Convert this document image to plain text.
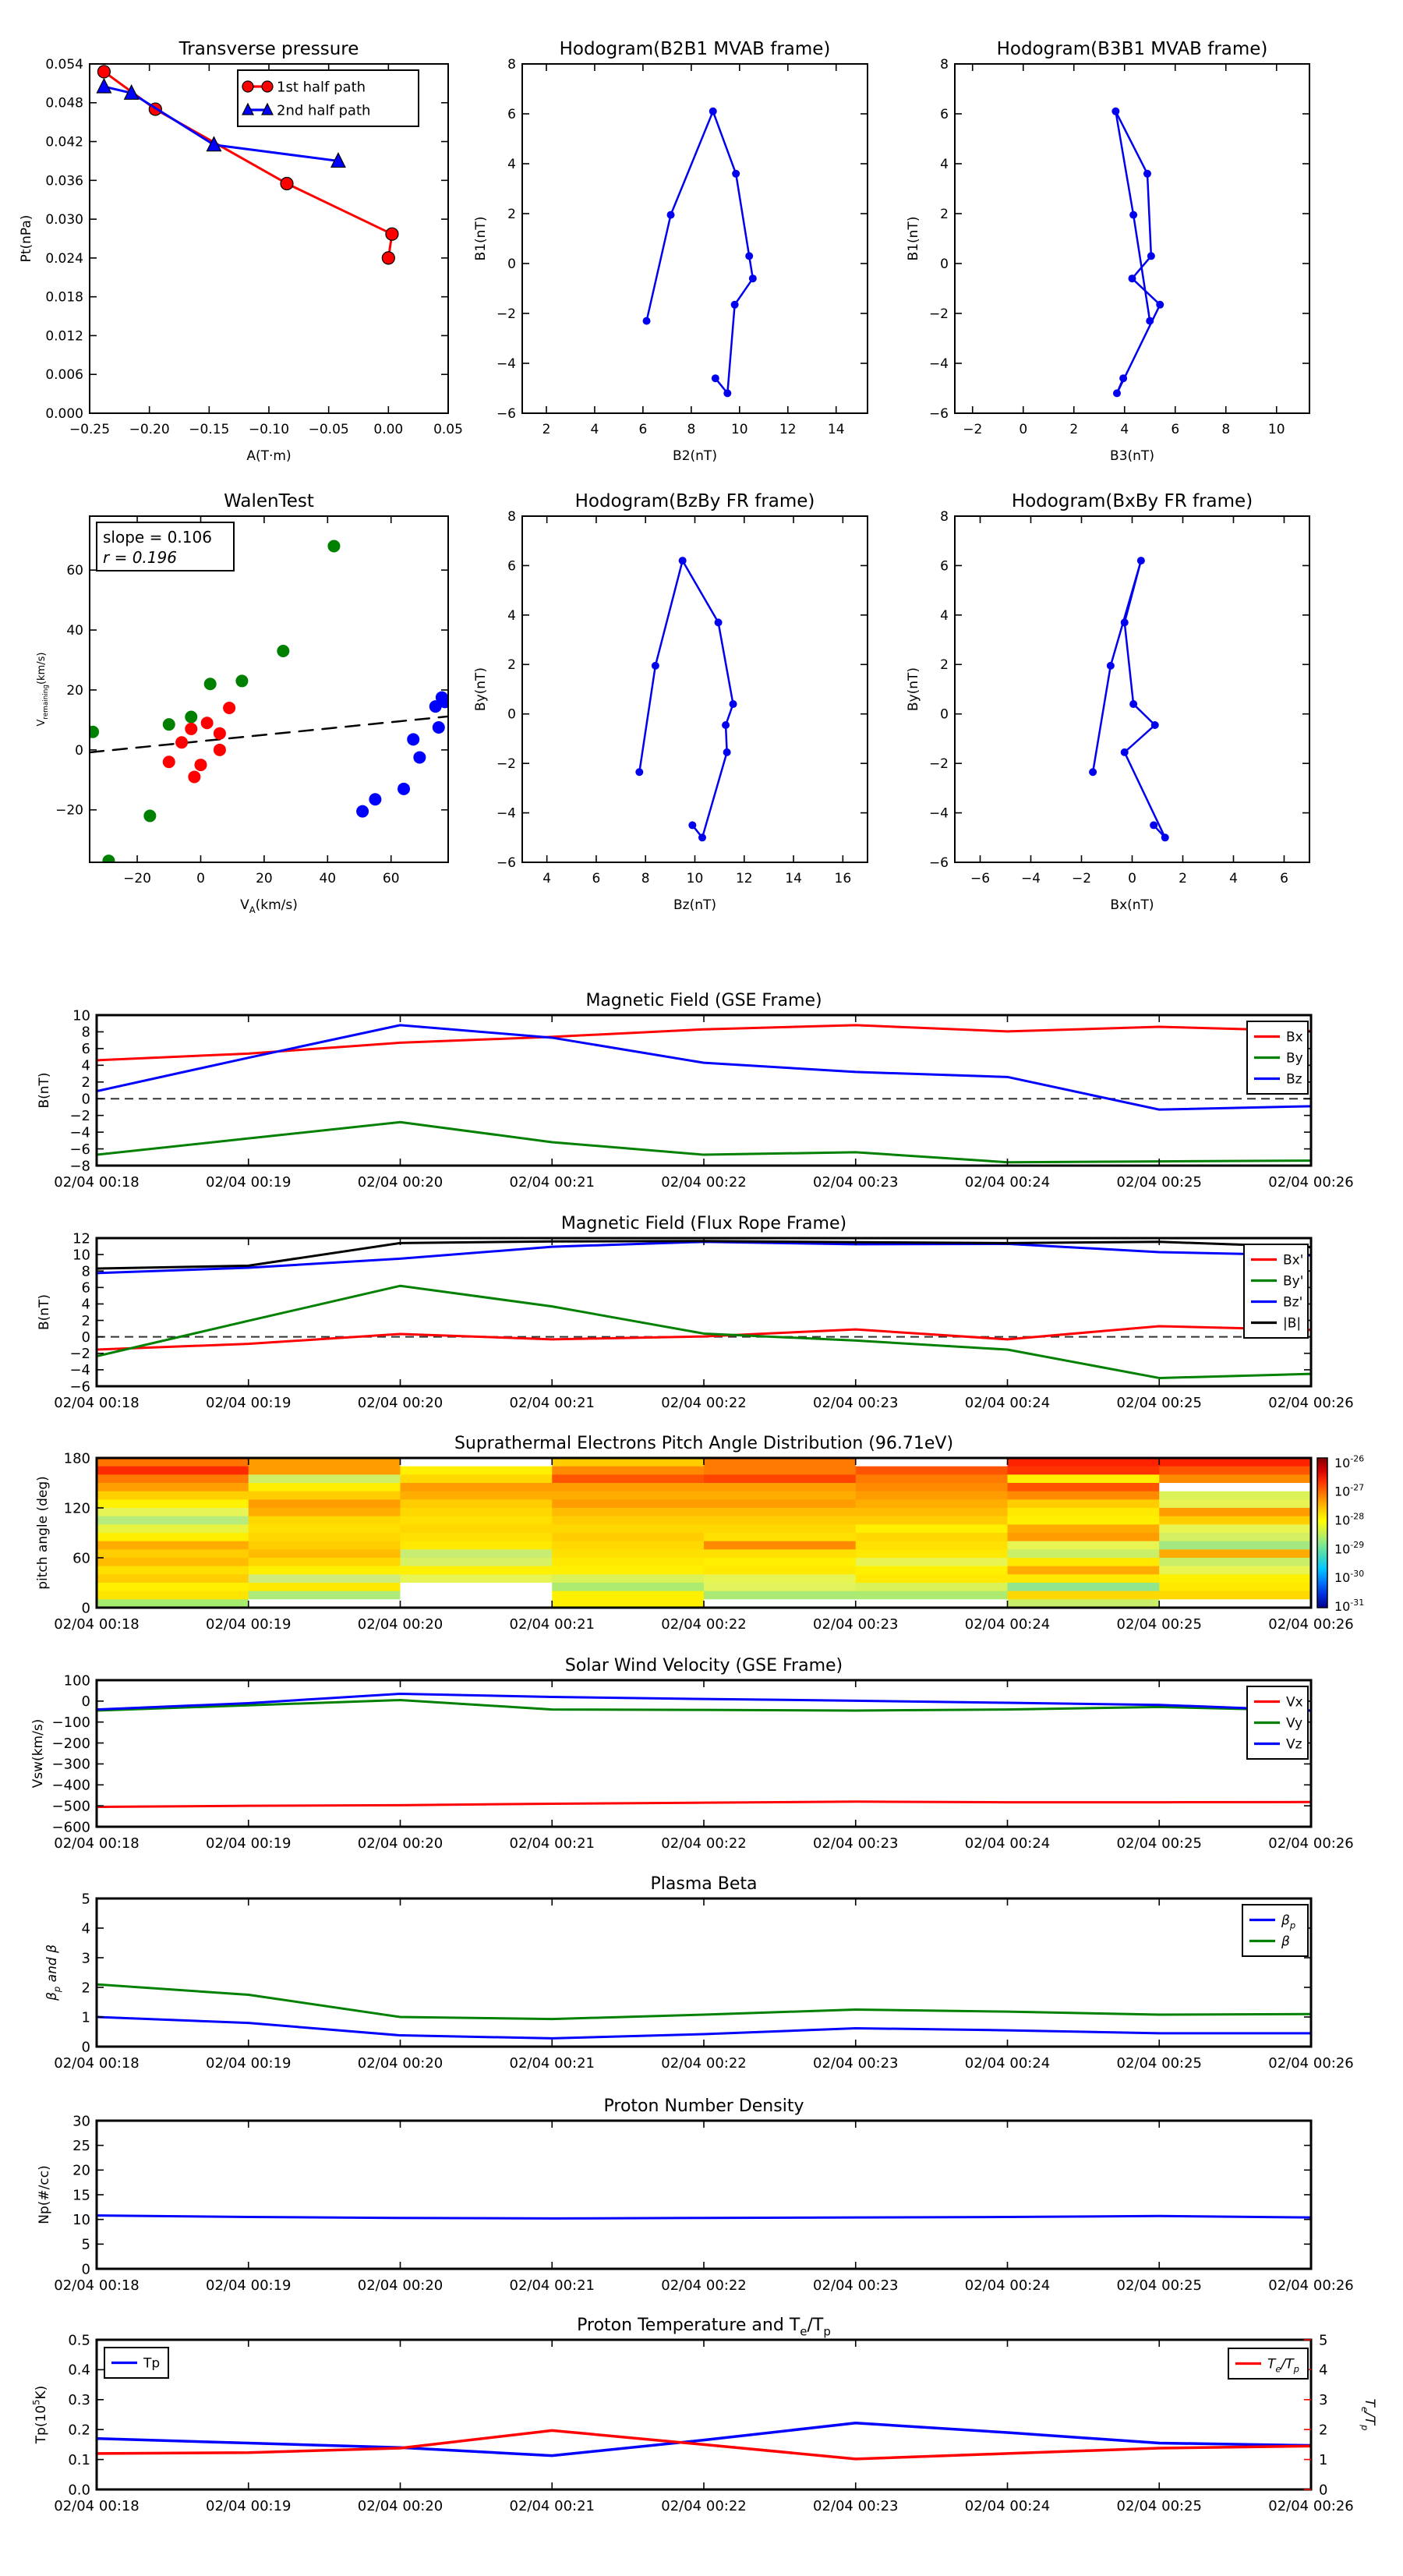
−0.25 −0.20 −0.15 −0.10 −0.05 0.00 0.05
0.000
0.006
0.012
0.018
0.024
0.030
0.036
0.042
0.048
0.054
Transverse pressure
A(T·m)
Pt(nPa)
1st half path
2nd half path
2	4	6	8	10 12 14
−6
−4
−2
0
2
4
6
8
Hodogram(B2B1 MVAB frame)
B2(nT)
B1(nT)
−2	0	2	4	6	8	10
−6
−4
−2
0
2
4
6
8
Hodogram(B3B1 MVAB frame)
B3(nT)
B1(nT)
slope = 0.106
r = 0.196
−20	0	20	40	60
−20
0
20
40
60
WalenTest
$V_A(km/s)$
$V_{remaining}(km/s)$
4	6	8	10 12 14 16
−6
−4
−2
0
2
4
6
8
Hodogram(BzBy FR frame)
Bz(nT)
By(nT)
−6 −4 −2	0	2	4	6
−6
−4
−2
0
2
4
6
8
Hodogram(BxBy FR frame)
Bx(nT)
By(nT)
02/04 00:18	02/04 00:19	02/04 00:20	02/04 00:21	02/04 00:22	02/04 00:23	02/04 00:24	02/04 00:25	02/04 00:26
−8
−6
−4
−2
0
2
4
6
8
10
Magnetic Field (GSE Frame)
B(nT)
Bx
By
Bz
02/04 00:18	02/04 00:19	02/04 00:20	02/04 00:21	02/04 00:22	02/04 00:23	02/04 00:24	02/04 00:25	02/04 00:26
−6
−4
−2
0
2
4
6
8
10
12
Magnetic Field (Flux Rope Frame)
B(nT)
Bx'
By'
Bz'
|B|
$10^{-26}$
$10^{-27}$
$10^{-28}$
$10^{-29}$
$10^{-30}$
$10^{-31}$
02/04 00:18	02/04 00:19	02/04 00:20	02/04 00:21	02/04 00:22	02/04 00:23	02/04 00:24	02/04 00:25	02/04 00:26
0
60
120
180
Suprathermal Electrons Pitch Angle Distribution (96.71eV)
pitch angle (deg)
02/04 00:18	02/04 00:19	02/04 00:20	02/04 00:21	02/04 00:22	02/04 00:23	02/04 00:24	02/04 00:25	02/04 00:26
−600
−500
−400
−300
−200
−100
0
100
Solar Wind Velocity (GSE Frame)
Vsw(km/s)
Vx
Vy
Vz
02/04 00:18	02/04 00:19	02/04 00:20	02/04 00:21	02/04 00:22	02/04 00:23	02/04 00:24	02/04 00:25	02/04 00:26
0
1
2
3
4
5
Plasma Beta
$\beta_p$ and β
$\beta_p$
β
02/04 00:18	02/04 00:19	02/04 00:20	02/04 00:21	02/04 00:22	02/04 00:23	02/04 00:24	02/04 00:25	02/04 00:26
0
5
10
15
20
25
30
Proton Number Density
Np(#/cc)
02/04 00:18	02/04 00:19	02/04 00:20	02/04 00:21	02/04 00:22	02/04 00:23	02/04 00:24	02/04 00:25	02/04 00:26
0.0
0.1
0.2
0.3
0.4
0.5
0
1
2
3
4
5
Proton Temperature and $T_e/T_p$
$Tp(10^5K)$
$T_e/T_p$
Tp	$T_e/T_p$
